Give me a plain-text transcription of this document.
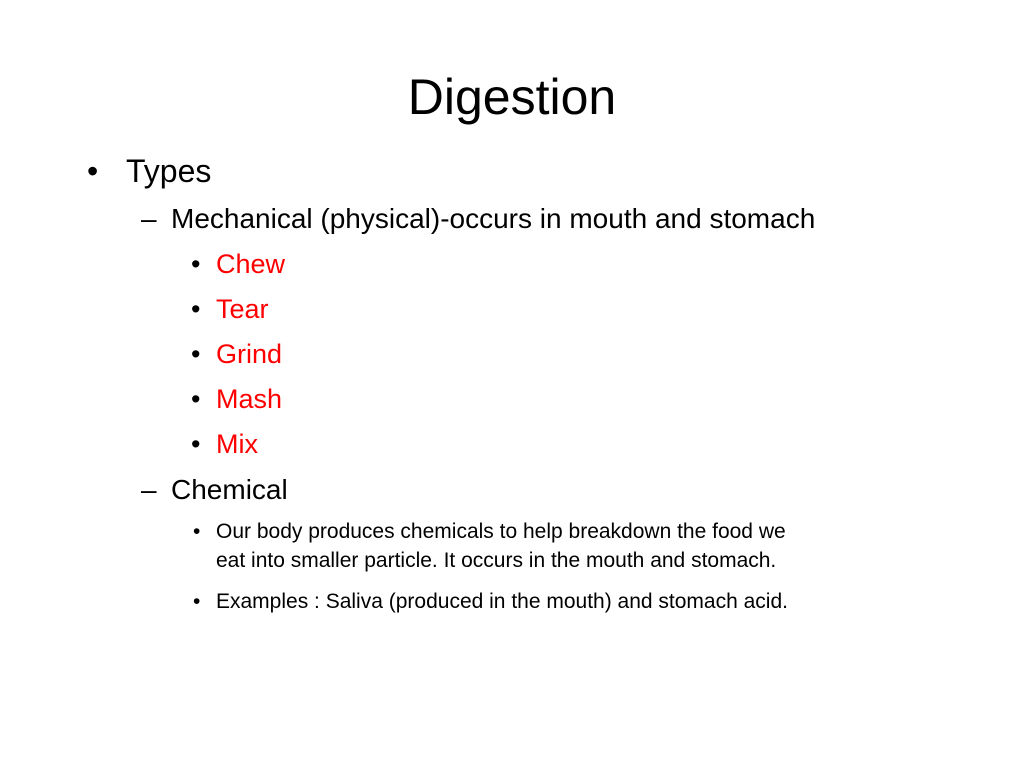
Digestion
• Types
– Mechanical (physical)-occurs in mouth and stomach
• Chew
• Tear
• Grind
• Mash
• Mix
– Chemical
• Our body produces chemicals to help breakdown the food we
eat into smaller particle. It occurs in the mouth and stomach.
• Examples : Saliva (produced in the mouth) and stomach acid.
